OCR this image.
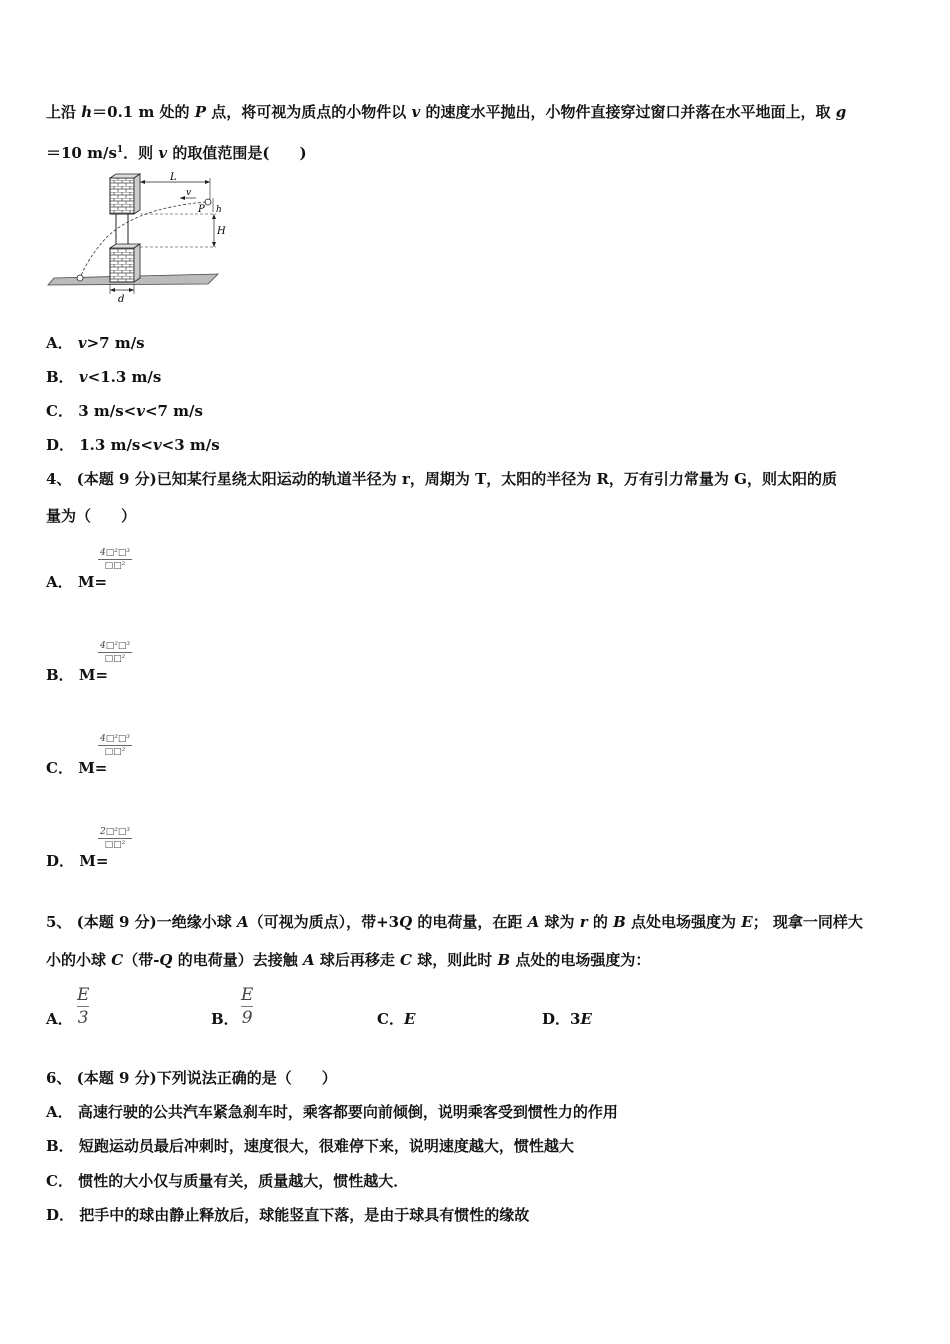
上沿 h＝0.1 m 处的 P 点，将可视为质点的小物件以 v 的速度水平抛出，小物件直接穿过窗口并落在水平地面上，取 g
＝10 $m/s^1$．则 v 的取值范围是(　　)
L
v
P h
H
d
A． v>7 m/s
B． v<1.3 m/s
C． 3 m/s<v<7 m/s
D． 1.3 m/s<v<3 m/s
4、 (本题 9 分)已知某行星绕太阳运动的轨道半径为 r，周期为 T，太阳的半径为 R，万有引力常量为 G，则太阳的质
量为（　　）
4□²□³
□□²
A． M=
4□²□³
□□²
B． M=
4□²□³
□□²
C． M=
2□²□³
□□²
D． M=
5、 (本题 9 分)一绝缘小球 A（可视为质点），带+3Q 的电荷量，在距 A 球为 r 的 B 点处电场强度为 E； 现拿一同样大
小的小球 C（带-Q 的电荷量）去接触 A 球后再移走 C 球，则此时 B 点处的电场强度为：
A．
E
3	B．
E
9	C．E	D．3E
6、 (本题 9 分)下列说法正确的是（　　）
A． 高速行驶的公共汽车紧急刹车时，乘客都要向前倾倒，说明乘客受到惯性力的作用
B． 短跑运动员最后冲刺时，速度很大，很难停下来，说明速度越大，惯性越大
C． 惯性的大小仅与质量有关，质量越大，惯性越大．
D． 把手中的球由静止释放后，球能竖直下落，是由于球具有惯性的缘故
